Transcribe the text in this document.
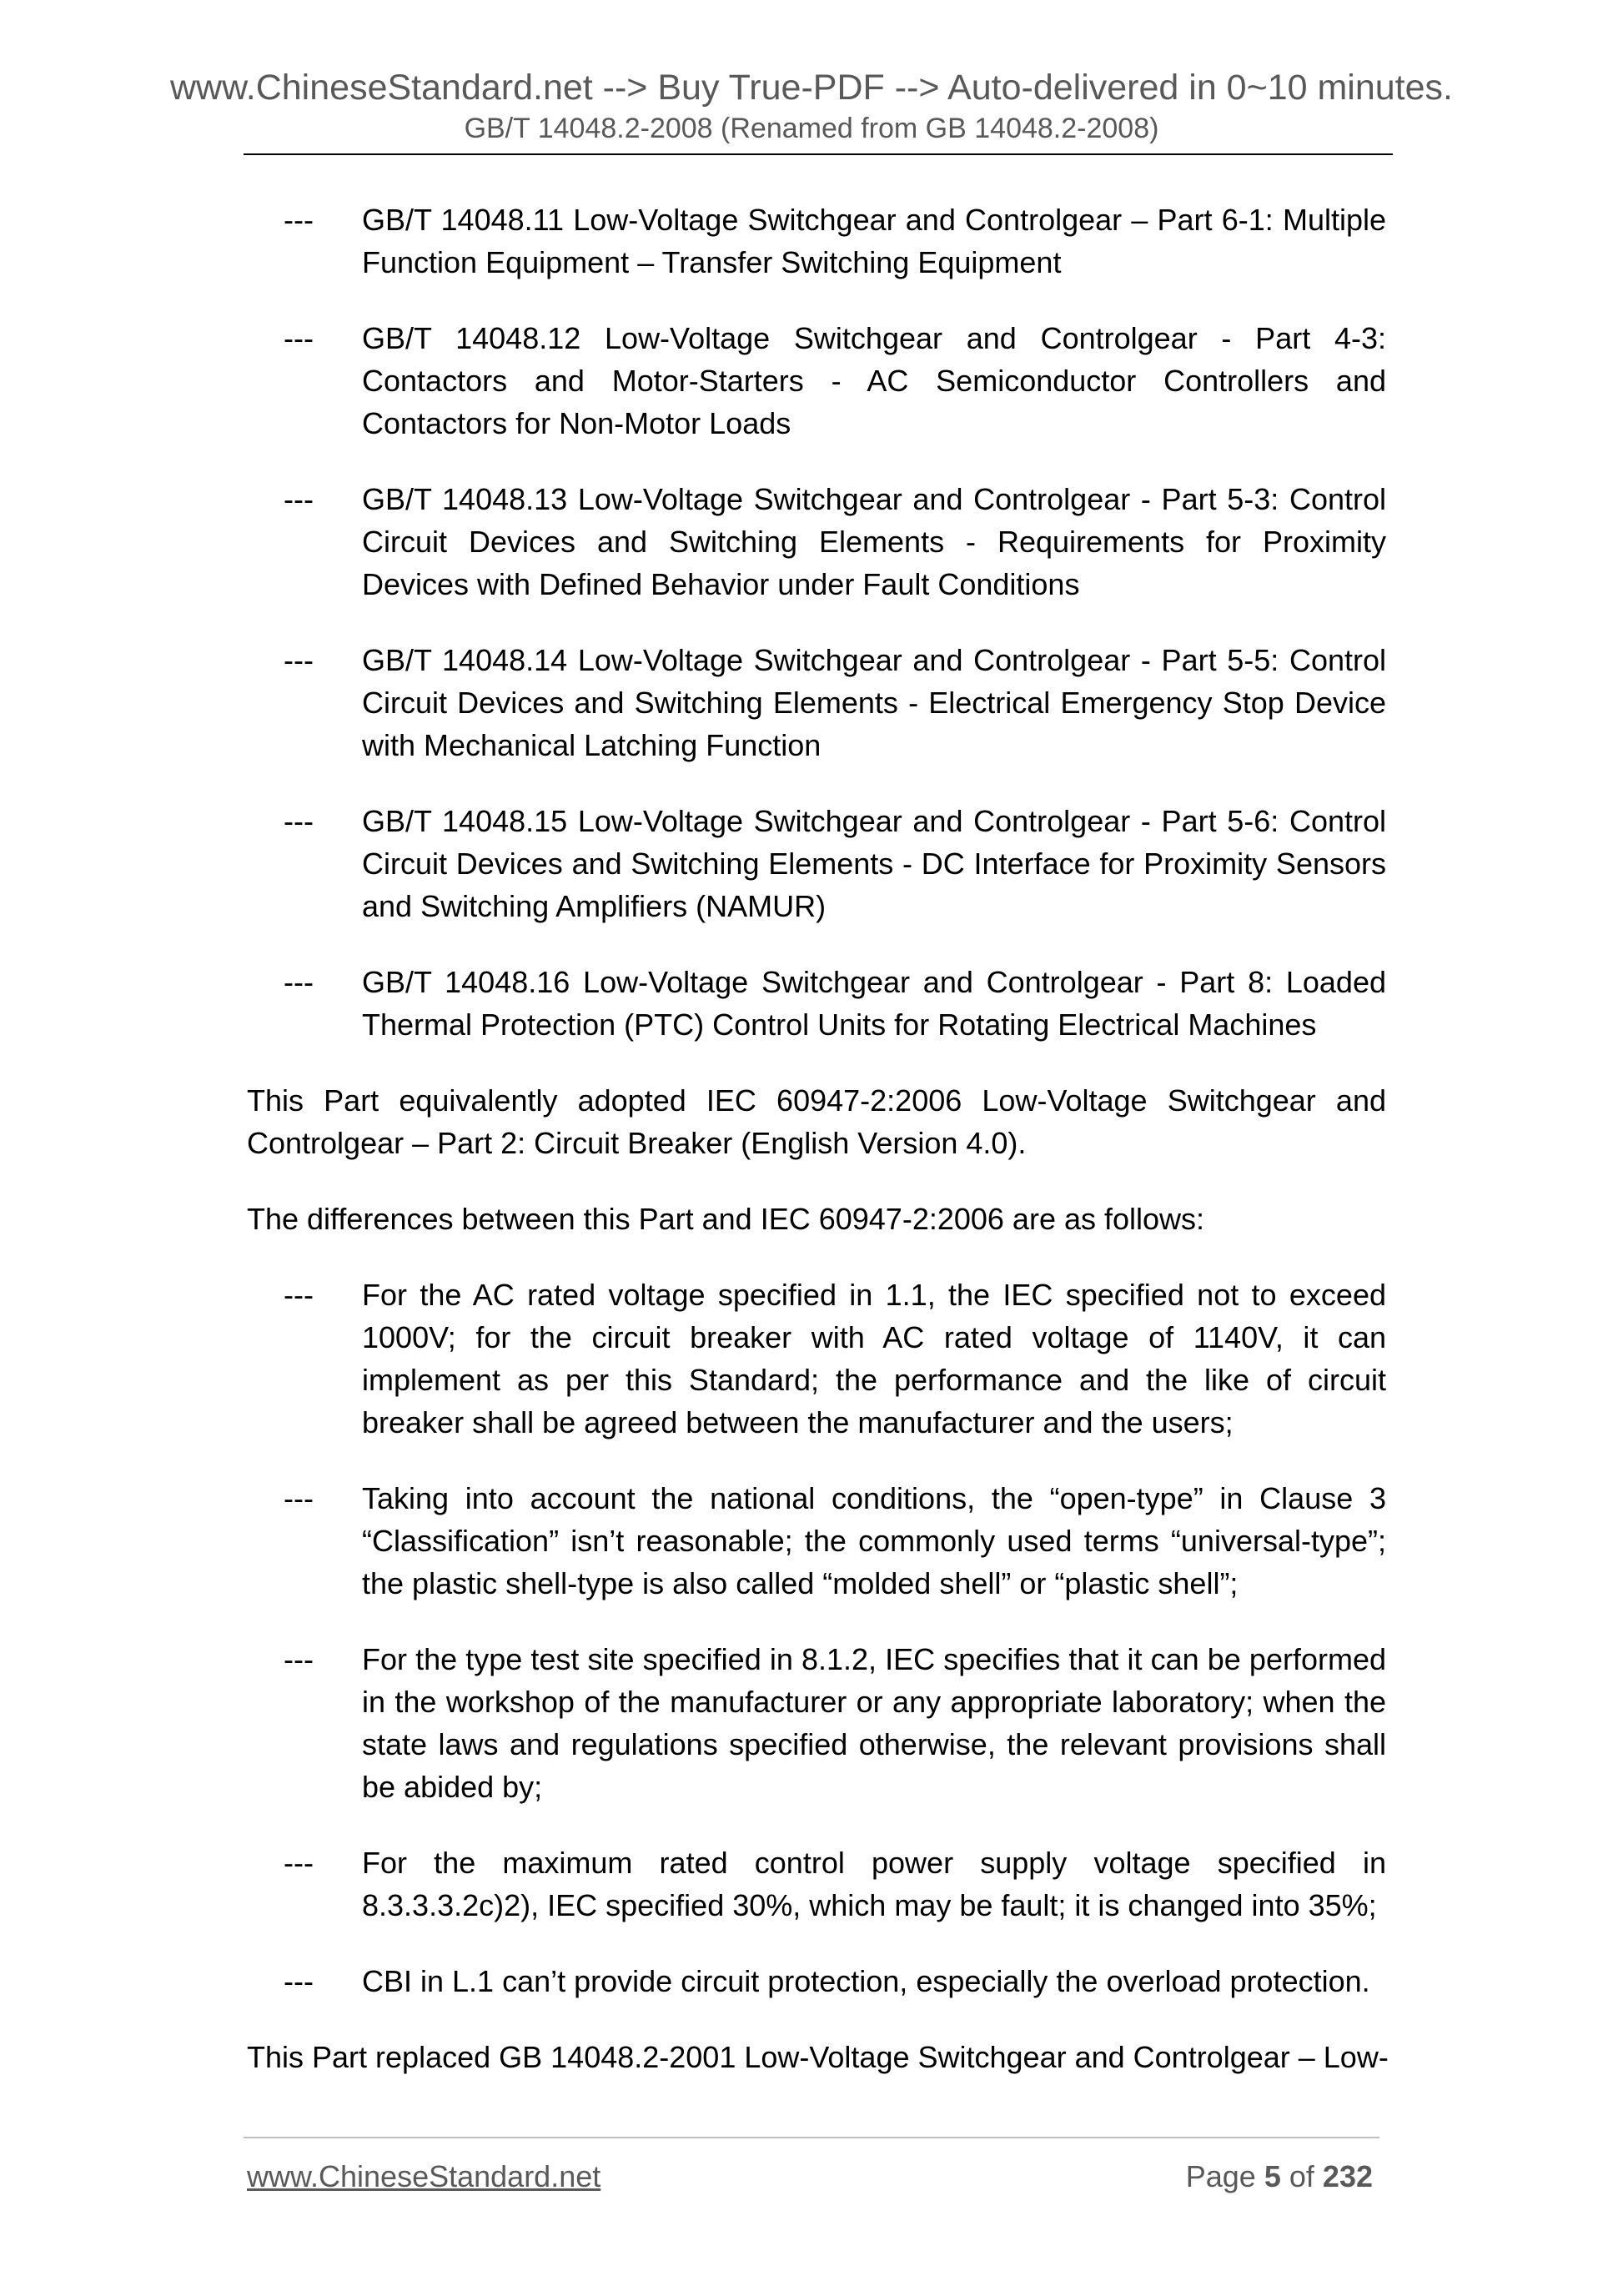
www.ChineseStandard.net --> Buy True-PDF --> Auto-delivered in 0~10 minutes.
GB/T 14048.2-2008 (Renamed from GB 14048.2-2008)
--- GB/T 14048.11 Low-Voltage Switchgear and Controlgear – Part 6-1: Multiple Function Equipment – Transfer Switching Equipment
--- GB/T 14048.12 Low-Voltage Switchgear and Controlgear - Part 4-3: Contactors and Motor-Starters - AC Semiconductor Controllers and Contactors for Non-Motor Loads
--- GB/T 14048.13 Low-Voltage Switchgear and Controlgear - Part 5-3: Control Circuit Devices and Switching Elements - Requirements for Proximity Devices with Defined Behavior under Fault Conditions
--- GB/T 14048.14 Low-Voltage Switchgear and Controlgear - Part 5-5: Control Circuit Devices and Switching Elements - Electrical Emergency Stop Device with Mechanical Latching Function
--- GB/T 14048.15 Low-Voltage Switchgear and Controlgear - Part 5-6: Control Circuit Devices and Switching Elements - DC Interface for Proximity Sensors and Switching Amplifiers (NAMUR)
--- GB/T 14048.16 Low-Voltage Switchgear and Controlgear - Part 8: Loaded Thermal Protection (PTC) Control Units for Rotating Electrical Machines
This Part equivalently adopted IEC 60947-2:2006 Low-Voltage Switchgear and Controlgear – Part 2: Circuit Breaker (English Version 4.0).
The differences between this Part and IEC 60947-2:2006 are as follows:
--- For the AC rated voltage specified in 1.1, the IEC specified not to exceed 1000V; for the circuit breaker with AC rated voltage of 1140V, it can implement as per this Standard; the performance and the like of circuit breaker shall be agreed between the manufacturer and the users;
--- Taking into account the national conditions, the “open-type” in Clause 3 “Classification” isn’t reasonable; the commonly used terms “universal-type”; the plastic shell-type is also called “molded shell” or “plastic shell”;
--- For the type test site specified in 8.1.2, IEC specifies that it can be performed in the workshop of the manufacturer or any appropriate laboratory; when the state laws and regulations specified otherwise, the relevant provisions shall be abided by;
--- For the maximum rated control power supply voltage specified in 8.3.3.3.2c)2), IEC specified 30%, which may be fault; it is changed into 35%;
--- CBI in L.1 can’t provide circuit protection, especially the overload protection.
This Part replaced GB 14048.2-2001 Low-Voltage Switchgear and Controlgear – Low-
www.ChineseStandard.net	Page 5 of 232
